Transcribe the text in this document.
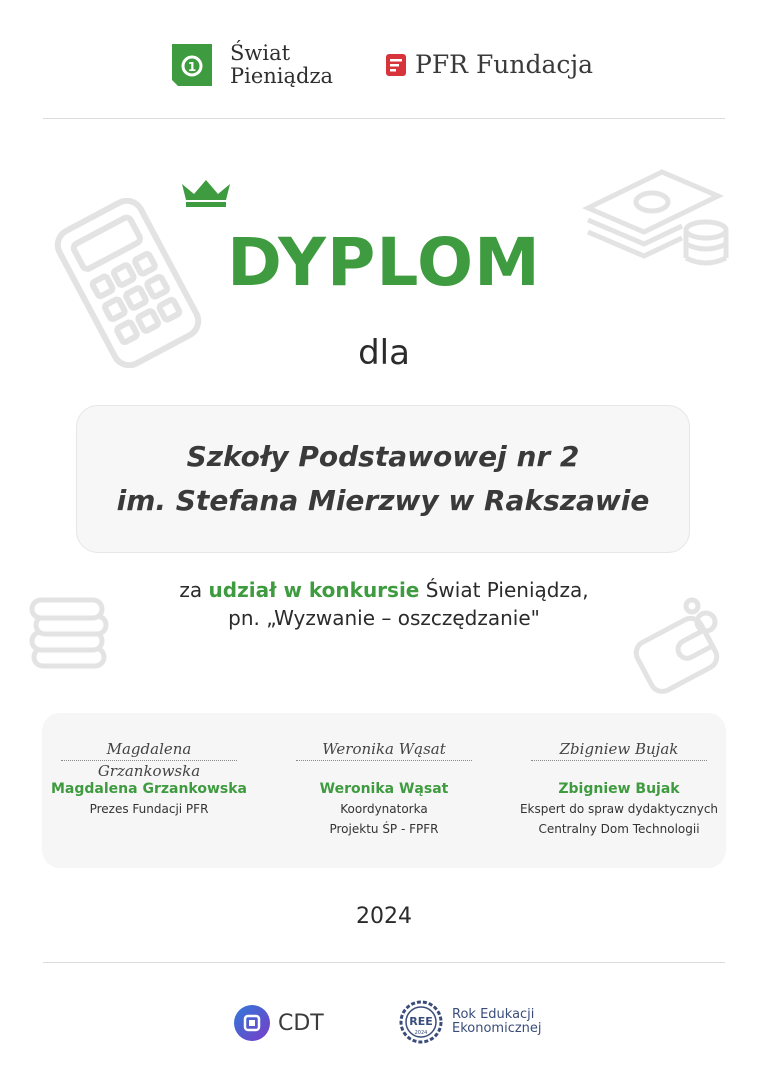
1
Świat
Pieniądza	PFR Fundacja
DYPLOM
dla
Szkoły Podstawowej nr 2
im. Stefana Mierzwy w Rakszawie
za udział w konkursie Świat Pieniądza,
pn. „Wyzwanie – oszczędzanie"
Magdalena Grzankowska
Magdalena Grzankowska
Prezes Fundacji PFR
Weronika Wąsat
Weronika Wąsat
Koordynatorka
Projektu ŚP - FPFR
Zbigniew Bujak
Zbigniew Bujak
Ekspert do spraw dydaktycznych
Centralny Dom Technologii
2024
CDT	REE
2024
Rok Edukacji
Ekonomicznej
